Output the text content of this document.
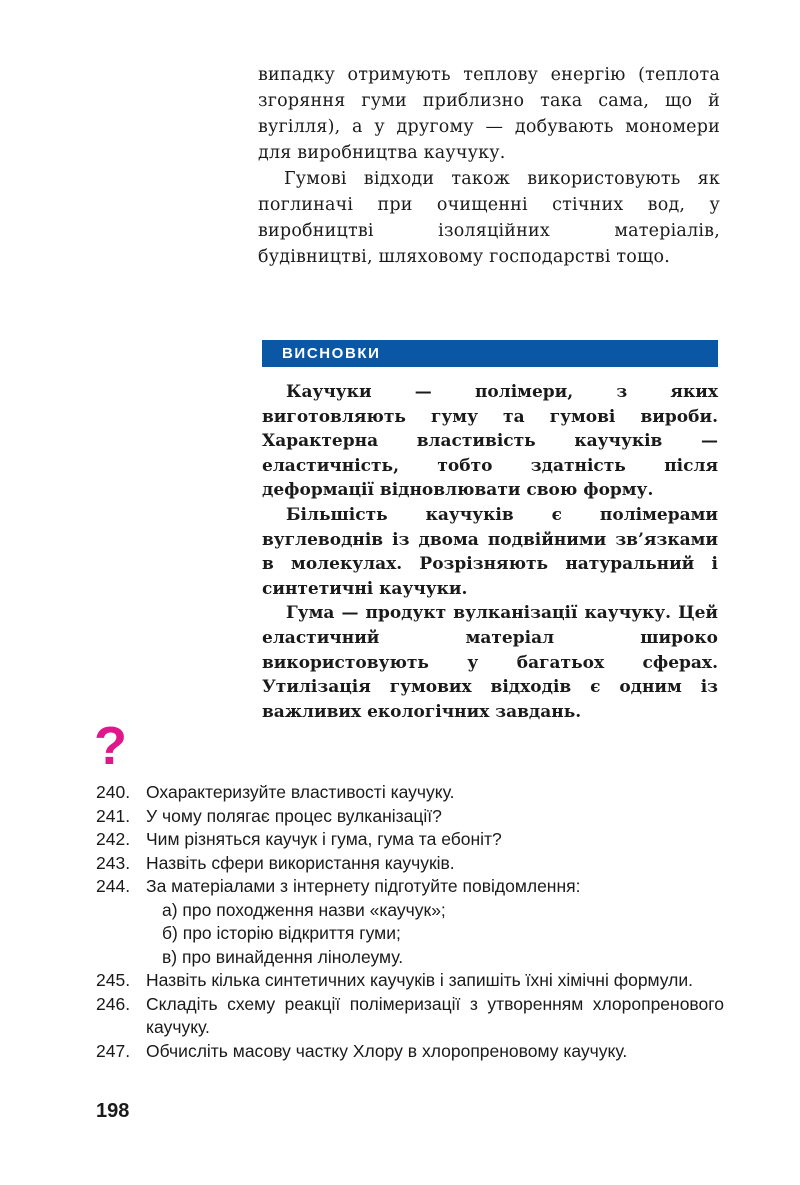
випадку отримують теплову енергію (теплота згоряння гуми приблизно така сама, що й вугілля), а у другому — добувають мономери для виробництва каучуку.

Гумові відходи також використовують як поглиначі при очищенні стічних вод, у виробництві ізоляційних матеріалів, будівництві, шляховому господарстві тощо.

ВИСНОВКИ

Каучуки — полімери, з яких виготовляють гуму та гумові вироби. Характерна властивість каучуків — еластичність, тобто здатність після деформації відновлювати свою форму.

Більшість каучуків є полімерами вуглеводнів із двома подвійними зв’язками в молекулах. Розрізняють натуральний і синтетичні каучуки.

Гума — продукт вулканізації каучуку. Цей еластичний матеріал широко використовують у багатьох сферах. Утилізація гумових відходів є одним із важливих екологічних завдань.

?
240. Охарактеризуйте властивості каучуку.
241. У чому полягає процес вулканізації?
242. Чим різняться каучук і гума, гума та ебоніт?
243. Назвіть сфери використання каучуків.
244. За матеріалами з інтернету підготуйте повідомлення:
а) про походження назви «каучук»;
б) про історію відкриття гуми;
в) про винайдення лінолеуму.
245. Назвіть кілька синтетичних каучуків і запишіть їхні хімічні формули.
246. Складіть схему реакції полімеризації з утворенням хлоропренового каучуку.
247. Обчисліть масову частку Хлору в хлоропреновому каучуку.
198
